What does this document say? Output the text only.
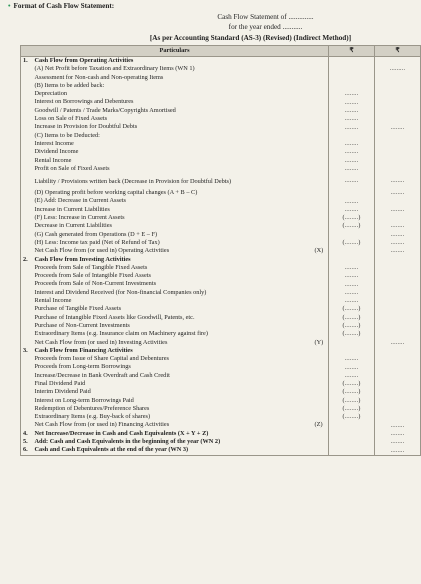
• Format of Cash Flow Statement:
Cash Flow Statement of ..............
for the year ended ...........
[As per Accounting Standard (AS-3) (Revised) (Indirect Method)]
Particulars			₹	₹
1.	Cash Flow from Operating Activities			
	(A) Net Profit before Taxation and Extraordinary Items (WN 1)			.........
	Assessment for Non-cash and Non-operating Items			
	(B) Items to be added back:			
	Depreciation		........	
	Interest on Borrowings and Debentures		........	
	Goodwill / Patents / Trade Marks/Copyrights Amortised		........	
	Loss on Sale of Fixed Assets		........	
	Increase in Provision for Doubtful Debts		........	........
	(C) Items to be Deducted:			
	Interest Income		........	
	Dividend Income		........	
	Rental Income		........	
	Profit on Sale of Fixed Assets		........	
	Liability / Provisions written back (Decrease in Provision for Doubtful Debts)		........	........
	(D) Operating profit before working capital changes (A + B – C)			........
	(E) Add: Decrease in Current Assets		........	
	Increase in Current Liabilities		........	........
	(F) Less: Increase in Current Assets		(........)	
	Decrease in Current Liabilities		(........)	........
	(G) Cash generated from Operations (D + E – F)			........
	(H) Less: Income tax paid (Net of Refund of Tax)		(........)	........
	Net Cash Flow from (or used in) Operating Activities	(X)		........
2.	Cash Flow from Investing Activities			
	Proceeds from Sale of Tangible Fixed Assets		........	
	Proceeds from Sale of Intangible Fixed Assets		........	
	Proceeds from Sale of Non-Current Investments		........	
	Interest and Dividend Received (for Non-financial Companies only)		........	
	Rental Income		........	
	Purchase of Tangible Fixed Assets		(........)	
	Purchase of Intangible Fixed Assets like Goodwill, Patents, etc.		(........)	
	Purchase of Non-Current Investments		(........)	
	Extraordinary Items (e.g. Insurance claim on Machinery against fire)		(........)	
	Net Cash Flow from (or used in) Investing Activities	(Y)		........
3.	Cash Flow from Financing Activities			
	Proceeds from Issue of Share Capital and Debentures		........	
	Proceeds from Long-term Borrowings		........	
	Increase/Decrease in Bank Overdraft and Cash Credit		........	
	Final Dividend Paid		(........)	
	Interim Dividend Paid		(........)	
	Interest on Long-term Borrowings Paid		(........)	
	Redemption of Debentures/Preference Shares		(........)	
	Extraordinary Items (e.g. Buy-back of shares)		(........)	
	Net Cash Flow from (or used in) Financing Activities	(Z)		........
4.	Net Increase/Decrease in Cash and Cash Equivalents (X + Y + Z)			........
5.	Add: Cash and Cash Equivalents in the beginning of the year (WN 2)			........
6.	Cash and Cash Equivalents at the end of the year (WN 3)			........
